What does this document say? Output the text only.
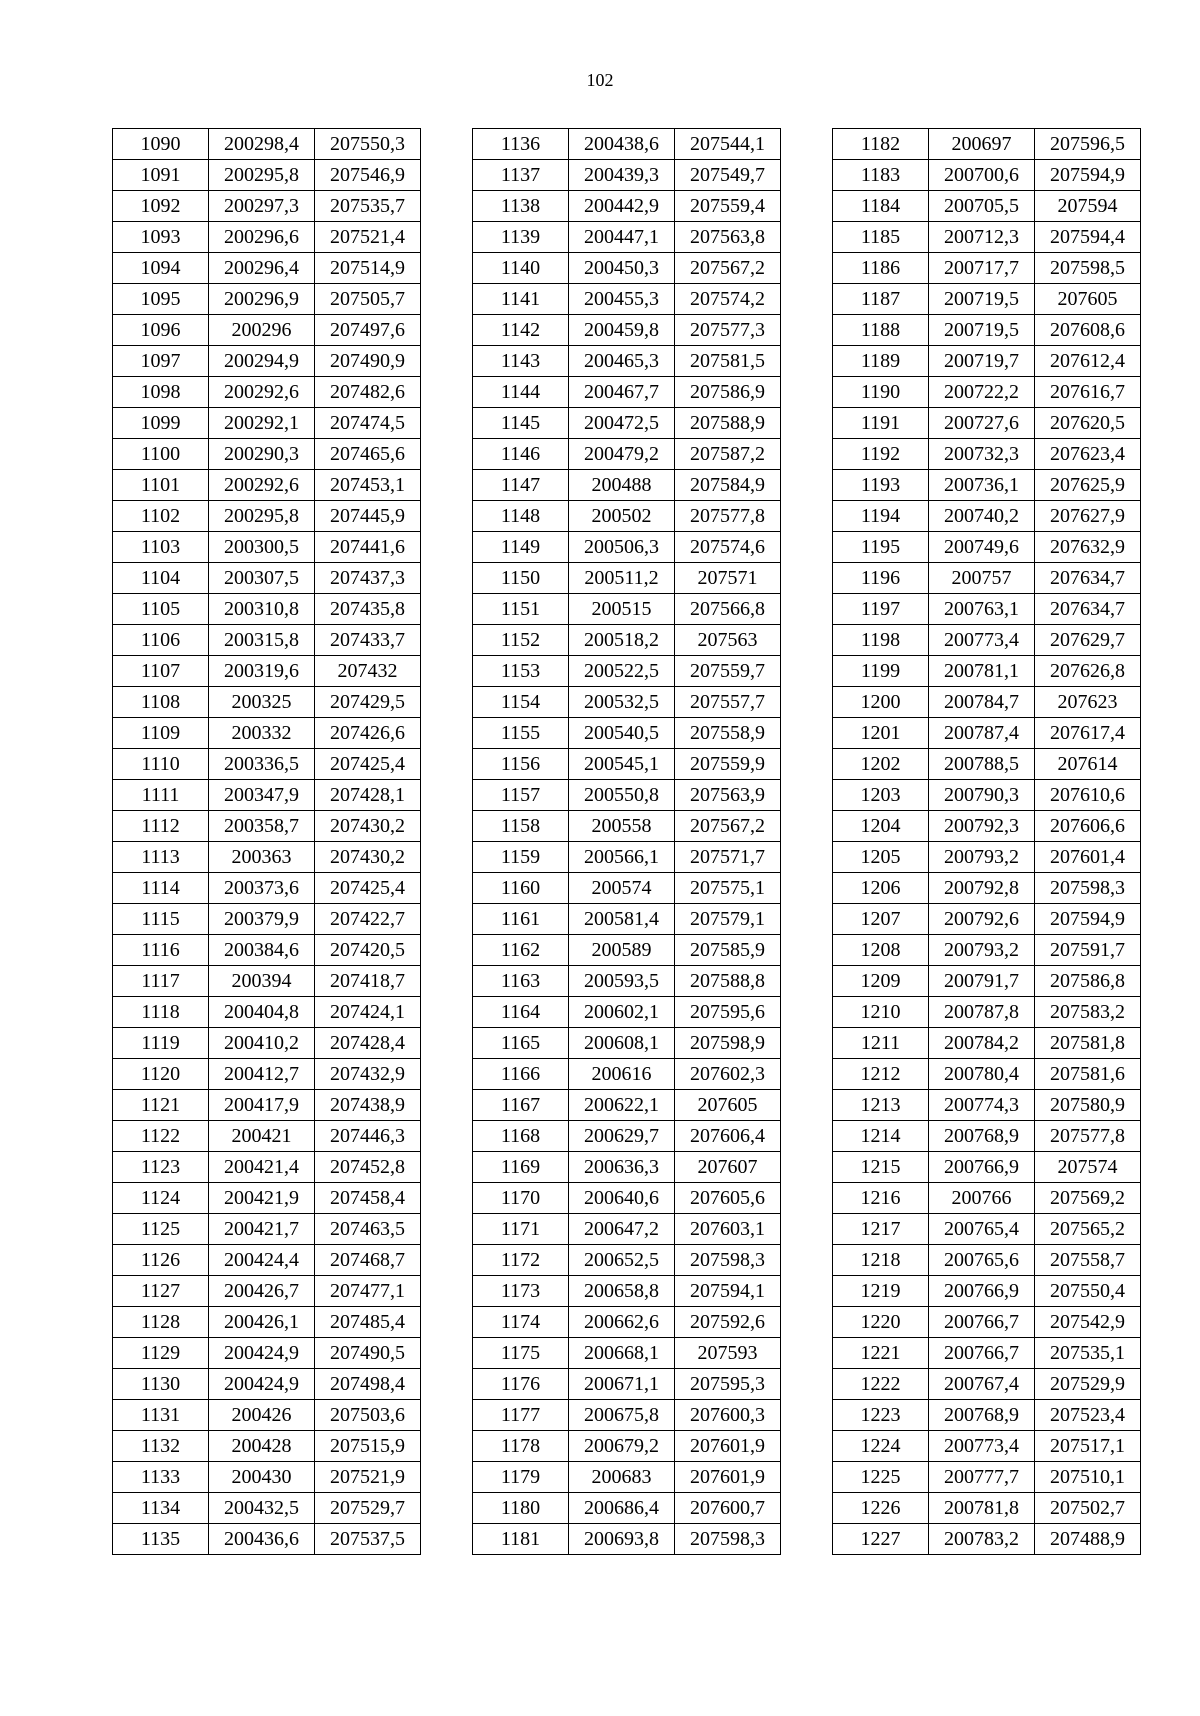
102
1090	200298,4	207550,3
1091	200295,8	207546,9
1092	200297,3	207535,7
1093	200296,6	207521,4
1094	200296,4	207514,9
1095	200296,9	207505,7
1096	200296	207497,6
1097	200294,9	207490,9
1098	200292,6	207482,6
1099	200292,1	207474,5
1100	200290,3	207465,6
1101	200292,6	207453,1
1102	200295,8	207445,9
1103	200300,5	207441,6
1104	200307,5	207437,3
1105	200310,8	207435,8
1106	200315,8	207433,7
1107	200319,6	207432
1108	200325	207429,5
1109	200332	207426,6
1110	200336,5	207425,4
1111	200347,9	207428,1
1112	200358,7	207430,2
1113	200363	207430,2
1114	200373,6	207425,4
1115	200379,9	207422,7
1116	200384,6	207420,5
1117	200394	207418,7
1118	200404,8	207424,1
1119	200410,2	207428,4
1120	200412,7	207432,9
1121	200417,9	207438,9
1122	200421	207446,3
1123	200421,4	207452,8
1124	200421,9	207458,4
1125	200421,7	207463,5
1126	200424,4	207468,7
1127	200426,7	207477,1
1128	200426,1	207485,4
1129	200424,9	207490,5
1130	200424,9	207498,4
1131	200426	207503,6
1132	200428	207515,9
1133	200430	207521,9
1134	200432,5	207529,7
1135	200436,6	207537,5
1136	200438,6	207544,1
1137	200439,3	207549,7
1138	200442,9	207559,4
1139	200447,1	207563,8
1140	200450,3	207567,2
1141	200455,3	207574,2
1142	200459,8	207577,3
1143	200465,3	207581,5
1144	200467,7	207586,9
1145	200472,5	207588,9
1146	200479,2	207587,2
1147	200488	207584,9
1148	200502	207577,8
1149	200506,3	207574,6
1150	200511,2	207571
1151	200515	207566,8
1152	200518,2	207563
1153	200522,5	207559,7
1154	200532,5	207557,7
1155	200540,5	207558,9
1156	200545,1	207559,9
1157	200550,8	207563,9
1158	200558	207567,2
1159	200566,1	207571,7
1160	200574	207575,1
1161	200581,4	207579,1
1162	200589	207585,9
1163	200593,5	207588,8
1164	200602,1	207595,6
1165	200608,1	207598,9
1166	200616	207602,3
1167	200622,1	207605
1168	200629,7	207606,4
1169	200636,3	207607
1170	200640,6	207605,6
1171	200647,2	207603,1
1172	200652,5	207598,3
1173	200658,8	207594,1
1174	200662,6	207592,6
1175	200668,1	207593
1176	200671,1	207595,3
1177	200675,8	207600,3
1178	200679,2	207601,9
1179	200683	207601,9
1180	200686,4	207600,7
1181	200693,8	207598,3
1182	200697	207596,5
1183	200700,6	207594,9
1184	200705,5	207594
1185	200712,3	207594,4
1186	200717,7	207598,5
1187	200719,5	207605
1188	200719,5	207608,6
1189	200719,7	207612,4
1190	200722,2	207616,7
1191	200727,6	207620,5
1192	200732,3	207623,4
1193	200736,1	207625,9
1194	200740,2	207627,9
1195	200749,6	207632,9
1196	200757	207634,7
1197	200763,1	207634,7
1198	200773,4	207629,7
1199	200781,1	207626,8
1200	200784,7	207623
1201	200787,4	207617,4
1202	200788,5	207614
1203	200790,3	207610,6
1204	200792,3	207606,6
1205	200793,2	207601,4
1206	200792,8	207598,3
1207	200792,6	207594,9
1208	200793,2	207591,7
1209	200791,7	207586,8
1210	200787,8	207583,2
1211	200784,2	207581,8
1212	200780,4	207581,6
1213	200774,3	207580,9
1214	200768,9	207577,8
1215	200766,9	207574
1216	200766	207569,2
1217	200765,4	207565,2
1218	200765,6	207558,7
1219	200766,9	207550,4
1220	200766,7	207542,9
1221	200766,7	207535,1
1222	200767,4	207529,9
1223	200768,9	207523,4
1224	200773,4	207517,1
1225	200777,7	207510,1
1226	200781,8	207502,7
1227	200783,2	207488,9
